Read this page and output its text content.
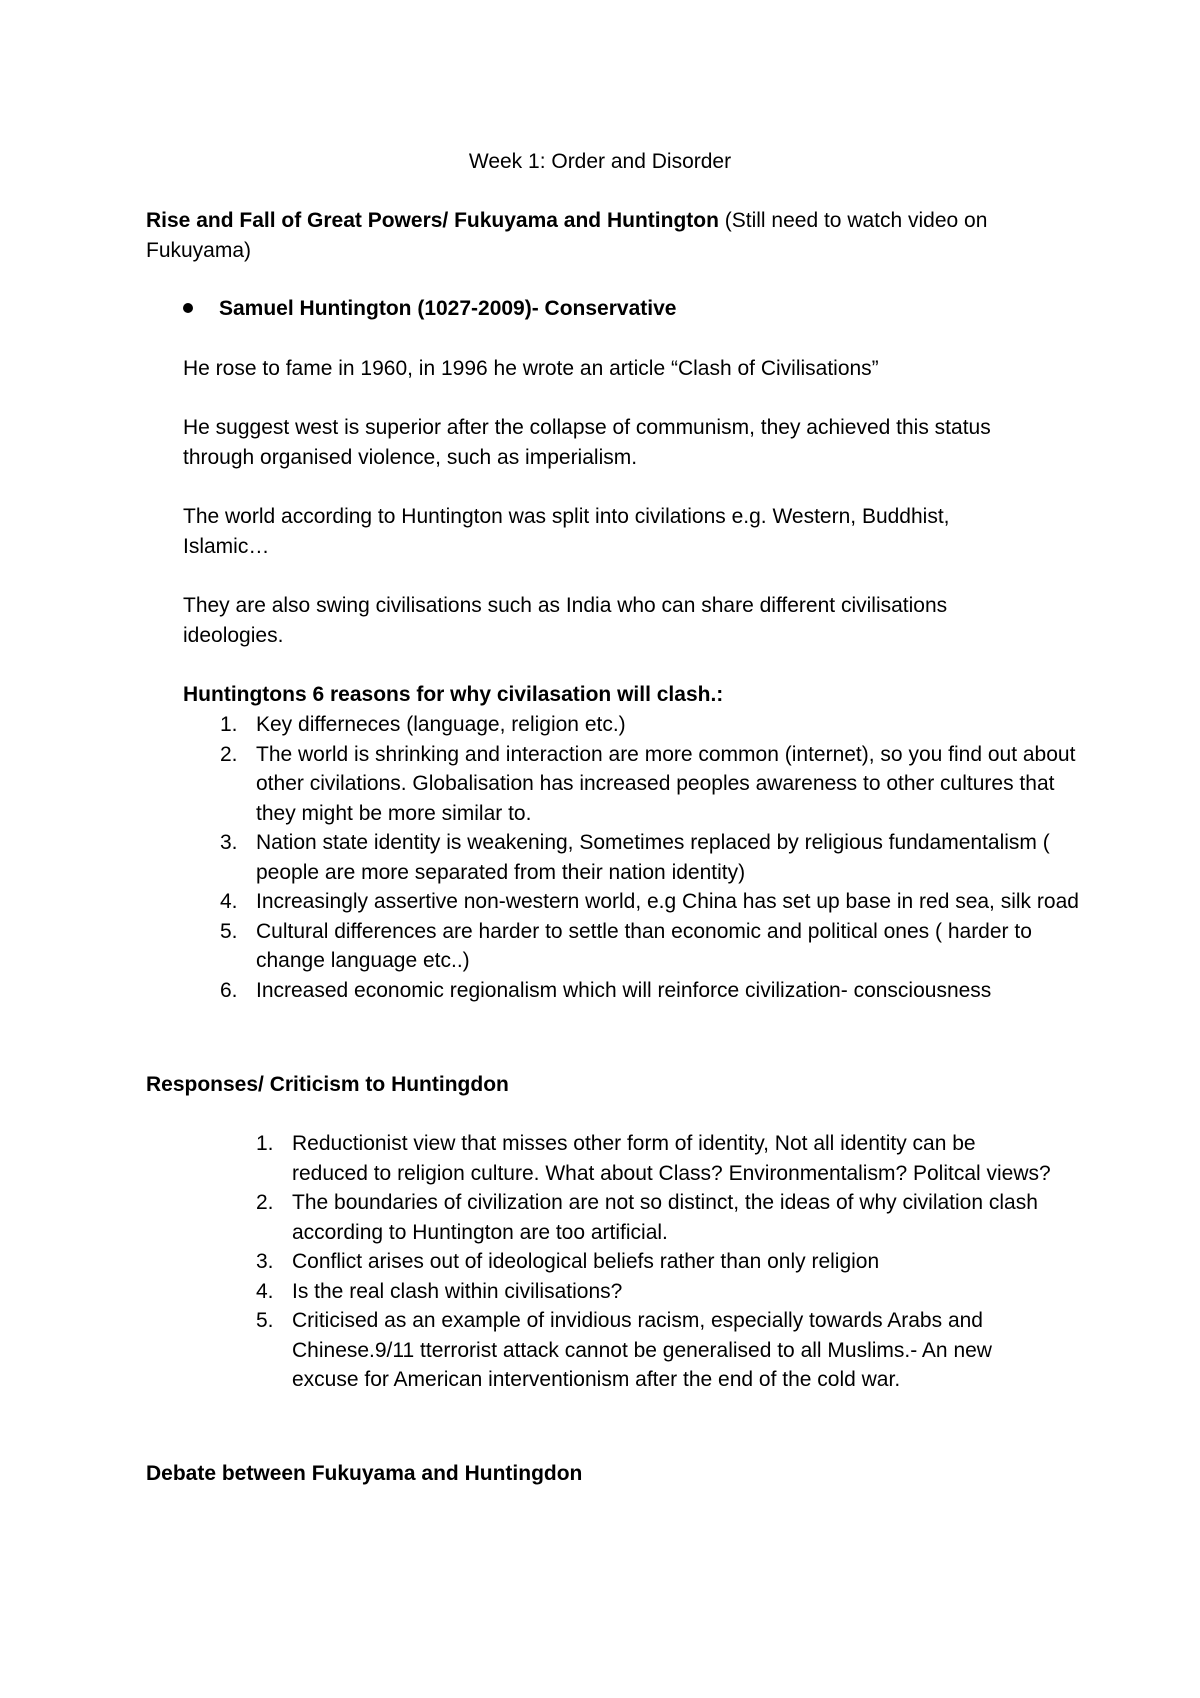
Week 1: Order and Disorder

Rise and Fall of Great Powers/ Fukuyama and Huntington (Still need to watch video on Fukuyama)

Samuel Huntington (1027-2009)- Conservative

He rose to fame in 1960, in 1996 he wrote an article “Clash of Civilisations”

He suggest west is superior after the collapse of communism, they achieved this status through organised violence, such as imperialism.

The world according to Huntington was split into civilations e.g. Western, Buddhist, Islamic…

They are also swing civilisations such as India who can share different civilisations ideologies.

Huntingtons 6 reasons for why civilasation will clash.:

1. Key differneces (language, religion etc.)
2. The world is shrinking and interaction are more common (internet), so you find out about other civilations. Globalisation has increased peoples awareness to other cultures that they might be more similar to.
3. Nation state identity is weakening, Sometimes replaced by religious fundamentalism ( people are more separated from their nation identity)
4. Increasingly assertive non-western world, e.g China has set up base in red sea, silk road
5. Cultural differences are harder to settle than economic and political ones ( harder to change language etc..)
6. Increased economic regionalism which will reinforce civilization- consciousness

Responses/ Criticism to Huntingdon

1. Reductionist view that misses other form of identity, Not all identity can be reduced to religion culture. What about Class? Environmentalism? Politcal views?
2. The boundaries of civilization are not so distinct, the ideas of why civilation clash according to Huntington are too artificial.
3. Conflict arises out of ideological beliefs rather than only religion
4. Is the real clash within civilisations?
5. Criticised as an example of invidious racism, especially towards Arabs and Chinese.9/11 tterrorist attack cannot be generalised to all Muslims.- An new excuse for American interventionism after the end of the cold war.

Debate between Fukuyama and Huntingdon
